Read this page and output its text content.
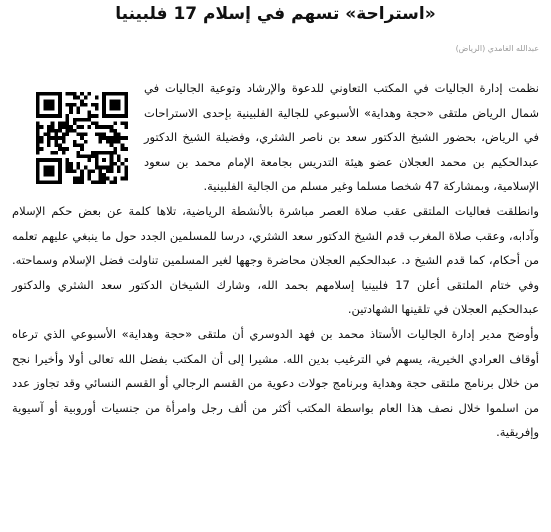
«استراحة» تسهم في إسلام 17 فلبينيا
عبدالله الغامدي (الرياض)

نظمت إدارة الجاليات في المكتب التعاوني للدعوة والإرشاد وتوعية الجاليات في شمال الرياض ملتقى «حجة وهداية» الأسبوعي للجالية الفلبينية بإحدى الاستراحات في الرياض، بحضور الشيخ الدكتور سعد بن ناصر الشثري، وفضيلة الشيخ الدكتور عبدالحكيم بن محمد العجلان عضو هيئة التدريس بجامعة الإمام محمد بن سعود الإسلامية، وبمشاركة 47 شخصا مسلما وغير مسلم من الجالية الفلبينية.

وانطلقت فعاليات الملتقى عقب صلاة العصر مباشرة بالأنشطة الرياضية، تلاها كلمة عن بعض حكم الإسلام وآدابه، وعقب صلاة المغرب قدم الشيخ الدكتور سعد الشثري، درسا للمسلمين الجدد حول ما ينبغي عليهم تعلمه من أحكام، كما قدم الشيخ د. عبدالحكيم العجلان محاضرة وجهها لغير المسلمين تناولت فضل الإسلام وسماحته. وفي ختام الملتقى أعلن 17 فلبينيا إسلامهم بحمد الله، وشارك الشيخان الدكتور سعد الشثري والدكتور عبدالحكيم العجلان في تلقينها الشهادتين.

وأوضح مدير إدارة الجاليات الأستاذ محمد بن فهد الدوسري أن ملتقى «حجة وهداية» الأسبوعي الذي ترعاه أوقاف العرادي الخيرية، يسهم في الترغيب بدين الله. مشيرا إلى أن المكتب بفضل الله تعالى أولا وأخيرا نجح من خلال برنامج ملتقى حجة وهداية وبرنامج جولات دعوية من القسم الرجالي أو القسم النسائي وقد تجاوز عدد من اسلموا خلال نصف هذا العام بواسطة المكتب أكثر من ألف رجل وامرأة من جنسيات أوروبية أو آسيوية وإفريقية.
